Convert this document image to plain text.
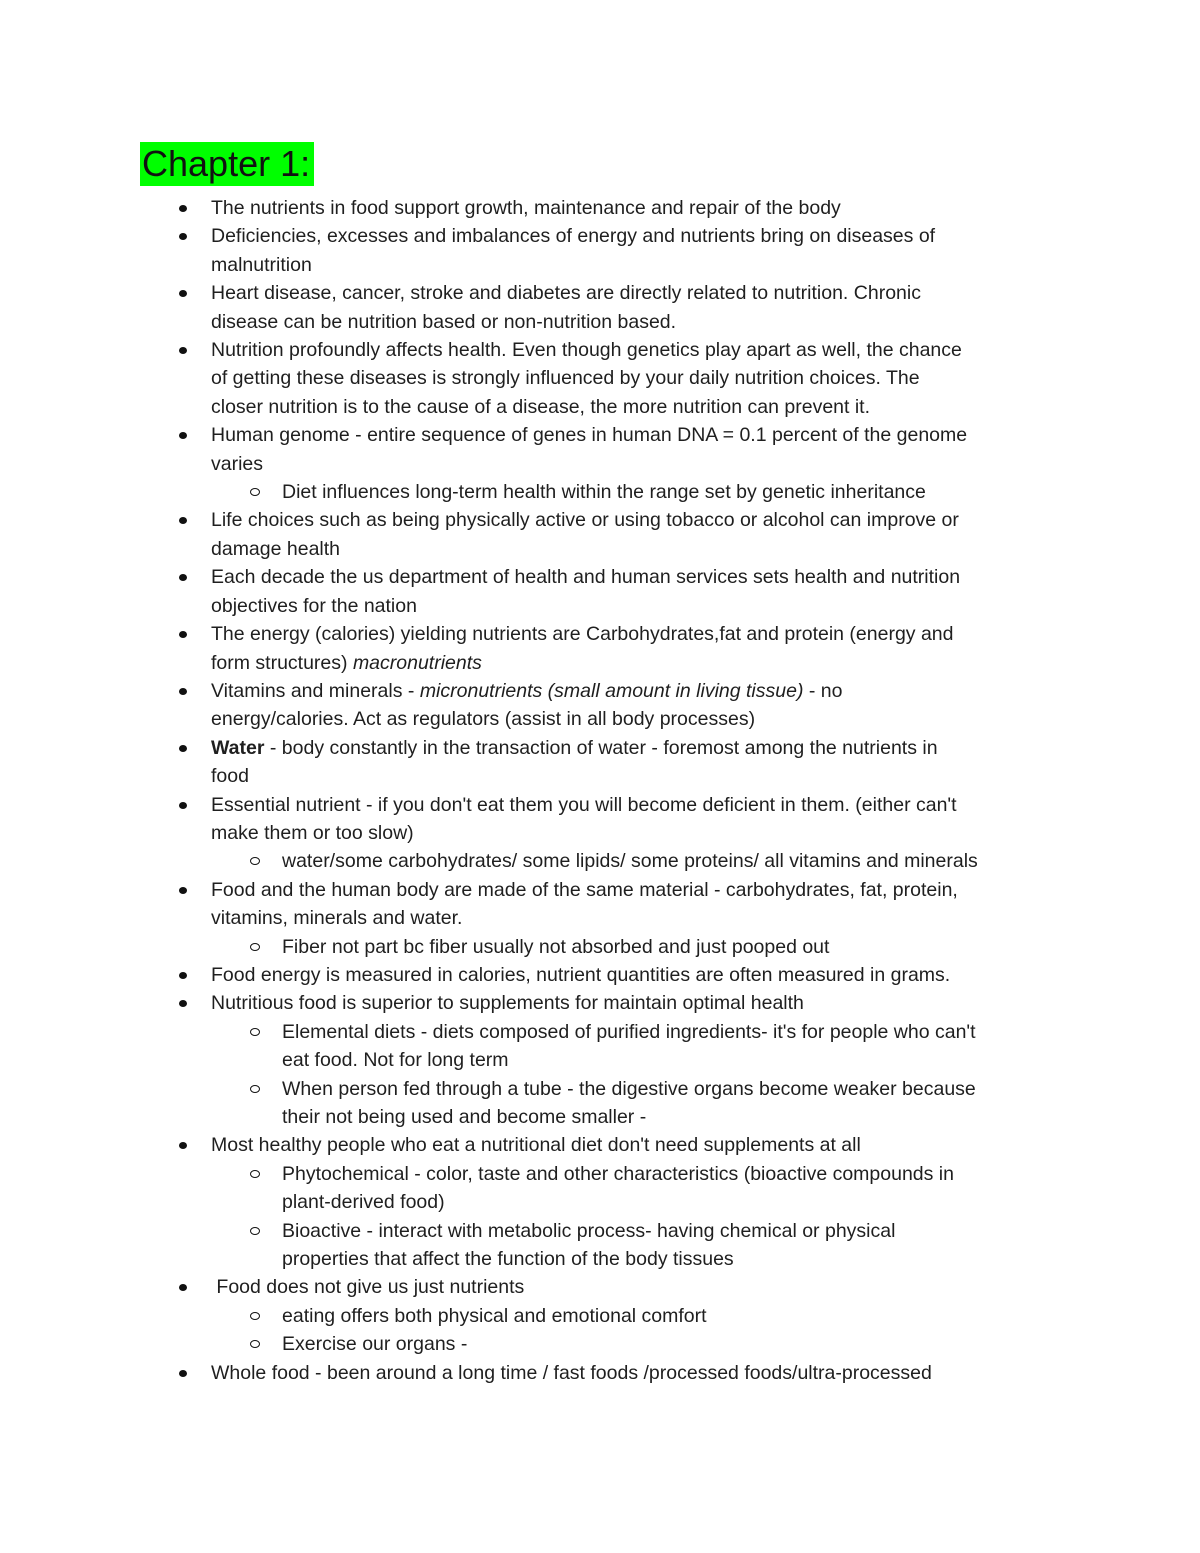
Chapter 1:
The nutrients in food support growth, maintenance and repair of the body
Deficiencies, excesses and imbalances of energy and nutrients bring on diseases of
malnutrition
Heart disease, cancer, stroke and diabetes are directly related to nutrition. Chronic
disease can be nutrition based or non-nutrition based.
Nutrition profoundly affects health. Even though genetics play apart as well, the chance
of getting these diseases is strongly influenced by your daily nutrition choices. The
closer nutrition is to the cause of a disease, the more nutrition can prevent it.
Human genome - entire sequence of genes in human DNA = 0.1 percent of the genome
varies
Diet influences long-term health within the range set by genetic inheritance
Life choices such as being physically active or using tobacco or alcohol can improve or
damage health
Each decade the us department of health and human services sets health and nutrition
objectives for the nation
The energy (calories) yielding nutrients are Carbohydrates,fat and protein (energy and
form structures) macronutrients
Vitamins and minerals - micronutrients (small amount in living tissue) - no
energy/calories. Act as regulators (assist in all body processes)
Water - body constantly in the transaction of water - foremost among the nutrients in
food
Essential nutrient - if you don't eat them you will become deficient in them. (either can't
make them or too slow)
water/some carbohydrates/ some lipids/ some proteins/ all vitamins and minerals
Food and the human body are made of the same material - carbohydrates, fat, protein,
vitamins, minerals and water.
Fiber not part bc fiber usually not absorbed and just pooped out
Food energy is measured in calories, nutrient quantities are often measured in grams.
Nutritious food is superior to supplements for maintain optimal health
Elemental diets - diets composed of purified ingredients- it's for people who can't
eat food. Not for long term
When person fed through a tube - the digestive organs become weaker because
their not being used and become smaller -
Most healthy people who eat a nutritional diet don't need supplements at all
Phytochemical - color, taste and other characteristics (bioactive compounds in
plant-derived food)
Bioactive - interact with metabolic process- having chemical or physical
properties that affect the function of the body tissues
Food does not give us just nutrients
eating offers both physical and emotional comfort
Exercise our organs -
Whole food - been around a long time / fast foods /processed foods/ultra-processed
